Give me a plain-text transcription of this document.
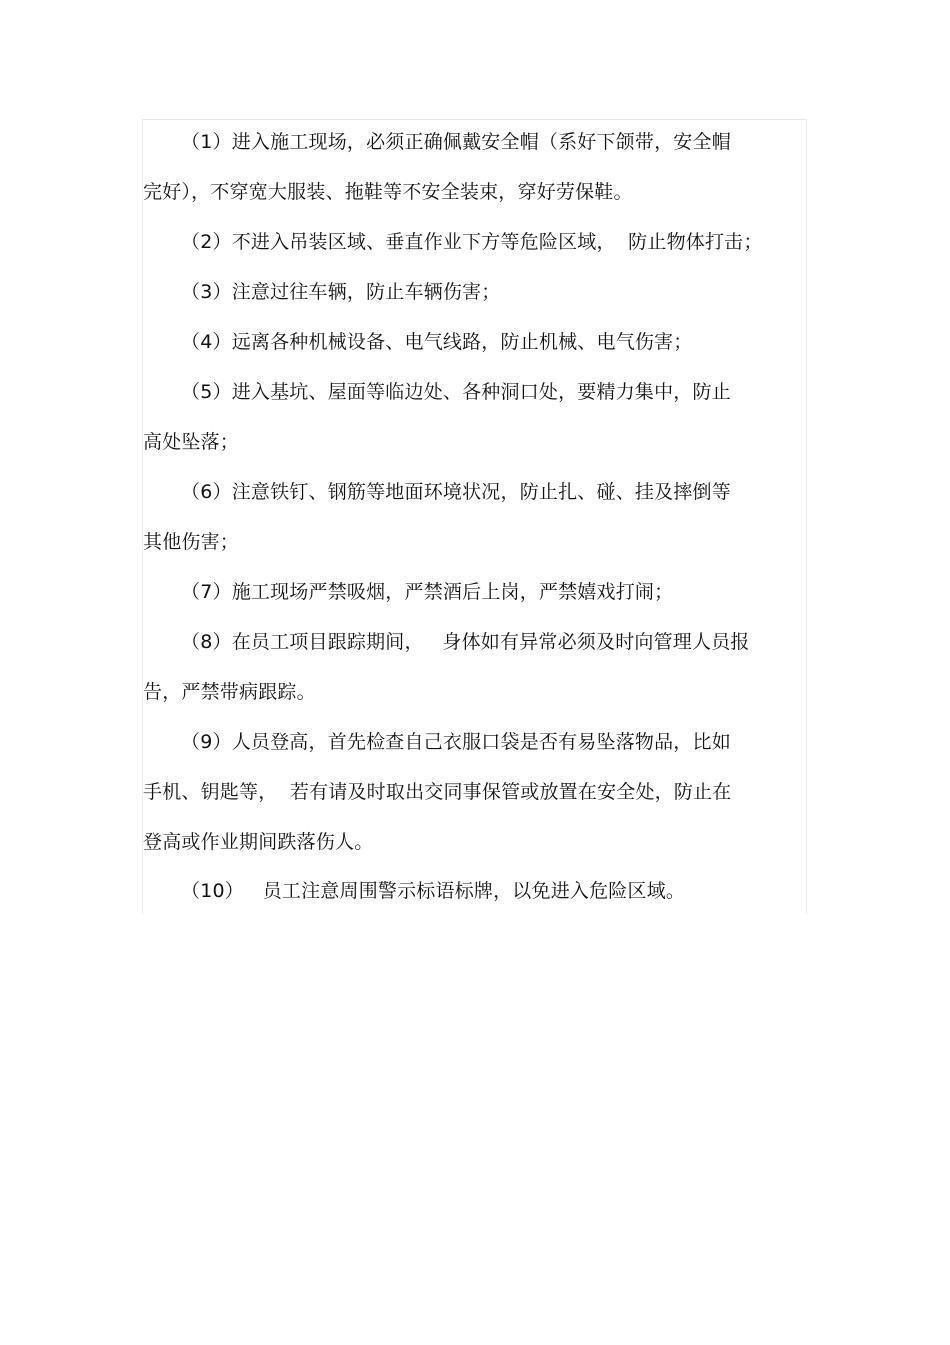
（1）进入施工现场，必须正确佩戴安全帽（系好下颌带，安全帽

完好），不穿宽大服装、拖鞋等不安全装束，穿好劳保鞋。

（2）不进入吊装区域、垂直作业下方等危险区域，  防止物体打击；

（3）注意过往车辆，防止车辆伤害；

（4）远离各种机械设备、电气线路，防止机械、电气伤害；

（5）进入基坑、屋面等临边处、各种洞口处，要精力集中，防止

高处坠落；

（6）注意铁钉、钢筋等地面环境状况，防止扎、碰、挂及摔倒等

其他伤害；

（7）施工现场严禁吸烟，严禁酒后上岗，严禁嬉戏打闹；

（8）在员工项目跟踪期间，   身体如有异常必须及时向管理人员报

告，严禁带病跟踪。

（9）人员登高，首先检查自己衣服口袋是否有易坠落物品，比如

手机、钥匙等，  若有请及时取出交同事保管或放置在安全处，防止在

登高或作业期间跌落伤人。

（10）   员工注意周围警示标语标牌，以免进入危险区域。
